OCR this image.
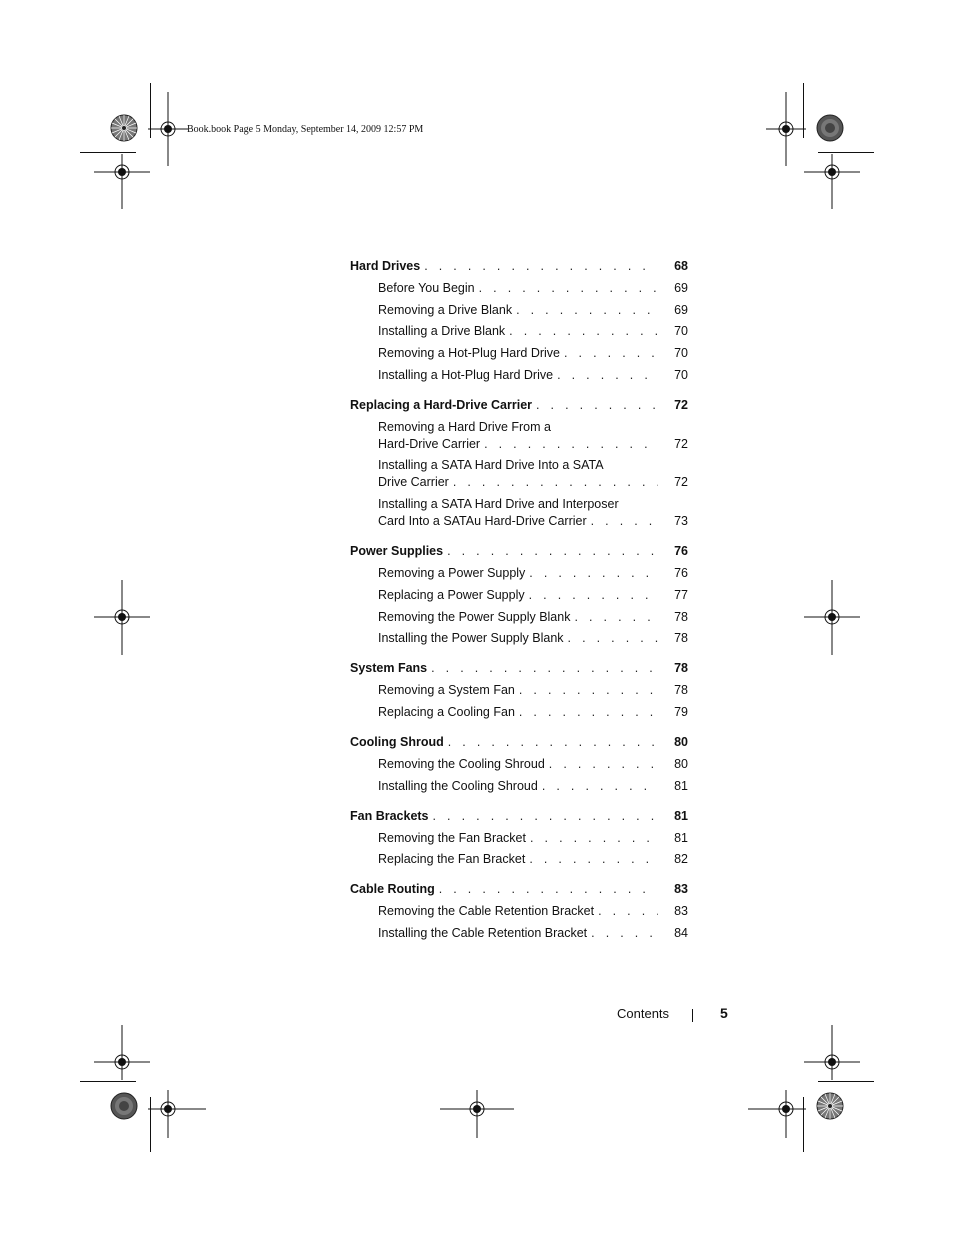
Book.book Page 5 Monday, September 14, 2009 12:57 PM
Hard Drives . . .	68
Before You Begin . . .	69
Removing a Drive Blank . . .	69
Installing a Drive Blank . . .	70
Removing a Hot-Plug Hard Drive . . .	70
Installing a Hot-Plug Hard Drive . . .	70
Replacing a Hard-Drive Carrier . . .	72
Removing a Hard Drive From a
Hard-Drive Carrier . . .	72
Installing a SATA Hard Drive Into a SATA
Drive Carrier . . .	72
Installing a SATA Hard Drive and Interposer
Card Into a SATAu Hard-Drive Carrier . . .	73
Power Supplies . . .	76
Removing a Power Supply . . .	76
Replacing a Power Supply . . .	77
Removing the Power Supply Blank . . .	78
Installing the Power Supply Blank . . .	78
System Fans . . .	78
Removing a System Fan . . .	78
Replacing a Cooling Fan . . .	79
Cooling Shroud . . .	80
Removing the Cooling Shroud . . .	80
Installing the Cooling Shroud . . .	81
Fan Brackets . . .	81
Removing the Fan Bracket . . .	81
Replacing the Fan Bracket . . .	82
Cable Routing . . .	83
Removing the Cable Retention Bracket . . .	83
Installing the Cable Retention Bracket . . .	84
Contents	5
